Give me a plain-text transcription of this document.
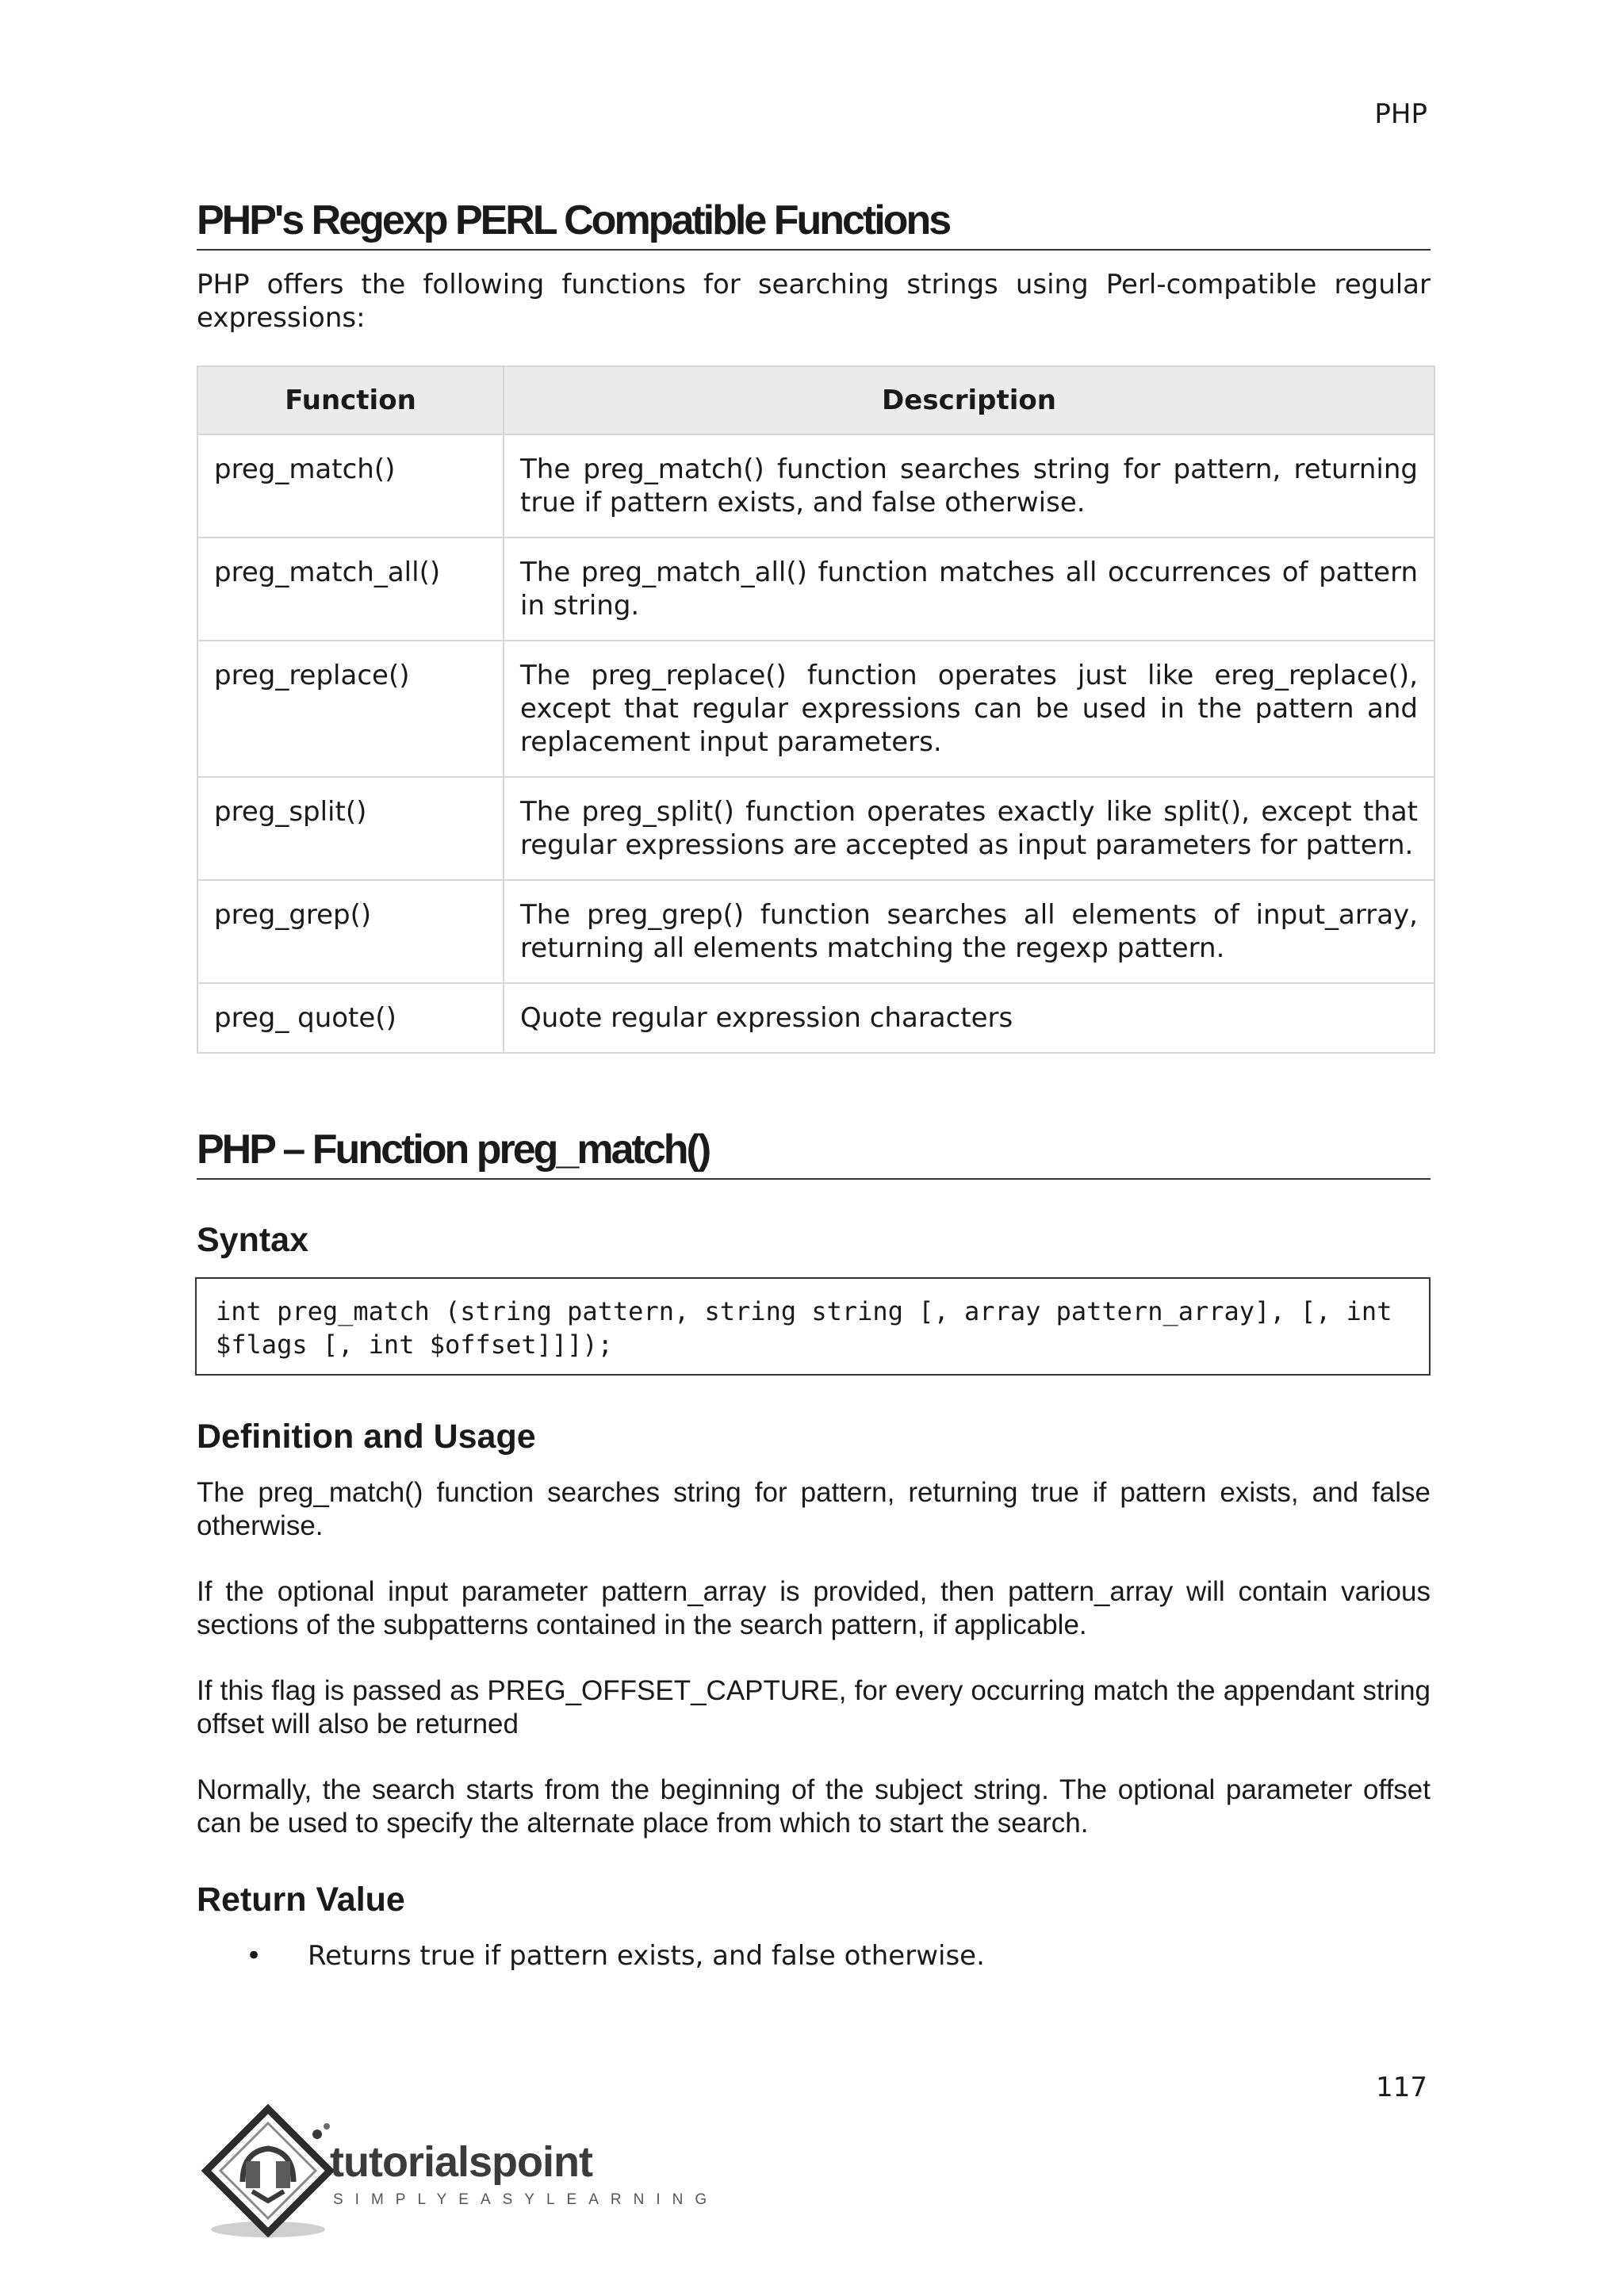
PHP
PHP's Regexp PERL Compatible Functions

PHP offers the following functions for searching strings using Perl-compatible regular expressions:

Function	Description
preg_match()	The preg_match() function searches string for pattern, returning true if pattern exists, and false otherwise.
preg_match_all()	The preg_match_all() function matches all occurrences of pattern in string.
preg_replace()	The preg_replace() function operates just like ereg_replace(), except that regular expressions can be used in the pattern and replacement input parameters.
preg_split()	The preg_split() function operates exactly like split(), except that regular expressions are accepted as input parameters for pattern.
preg_grep()	The preg_grep() function searches all elements of input_array, returning all elements matching the regexp pattern.
preg_ quote()	Quote regular expression characters
PHP – Function preg_match()
Syntax
int preg_match (string pattern, string string [, array pattern_array], [, int
$flags [, int $offset]]]);
Definition and Usage

The preg_match() function searches string for pattern, returning true if pattern exists, and false otherwise.

If the optional input parameter pattern_array is provided, then pattern_array will contain various sections of the subpatterns contained in the search pattern, if applicable.

If this flag is passed as PREG_OFFSET_CAPTURE, for every occurring match the appendant string offset will also be returned

Normally, the search starts from the beginning of the subject string. The optional parameter offset can be used to specify the alternate place from which to start the search.

Return Value
• Returns true if pattern exists, and false otherwise.
117
tutorialspoint
SIMPLYEASYLEARNING
